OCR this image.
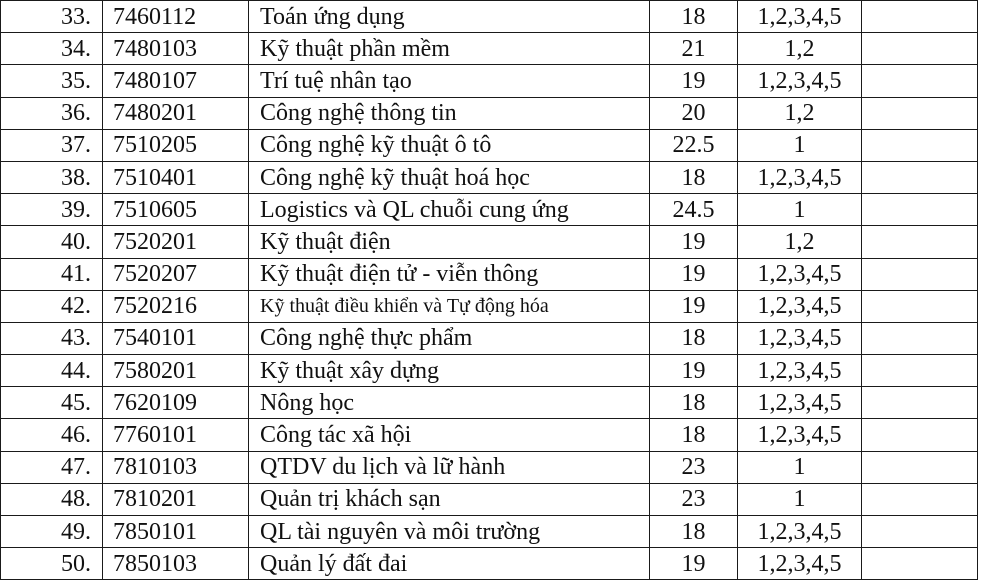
33.	7460112	Toán ứng dụng	18	1,2,3,4,5	
34.	7480103	Kỹ thuật phần mềm	21	1,2	
35.	7480107	Trí tuệ nhân tạo	19	1,2,3,4,5	
36.	7480201	Công nghệ thông tin	20	1,2	
37.	7510205	Công nghệ kỹ thuật ô tô	22.5	1	
38.	7510401	Công nghệ kỹ thuật hoá học	18	1,2,3,4,5	
39.	7510605	Logistics và QL chuỗi cung ứng	24.5	1	
40.	7520201	Kỹ thuật điện	19	1,2	
41.	7520207	Kỹ thuật điện tử - viễn thông	19	1,2,3,4,5	
42.	7520216	Kỹ thuật điều khiển và Tự động hóa	19	1,2,3,4,5	
43.	7540101	Công nghệ thực phẩm	18	1,2,3,4,5	
44.	7580201	Kỹ thuật xây dựng	19	1,2,3,4,5	
45.	7620109	Nông học	18	1,2,3,4,5	
46.	7760101	Công tác xã hội	18	1,2,3,4,5	
47.	7810103	QTDV du lịch và lữ hành	23	1	
48.	7810201	Quản trị khách sạn	23	1	
49.	7850101	QL tài nguyên và môi trường	18	1,2,3,4,5	
50.	7850103	Quản lý đất đai	19	1,2,3,4,5	
